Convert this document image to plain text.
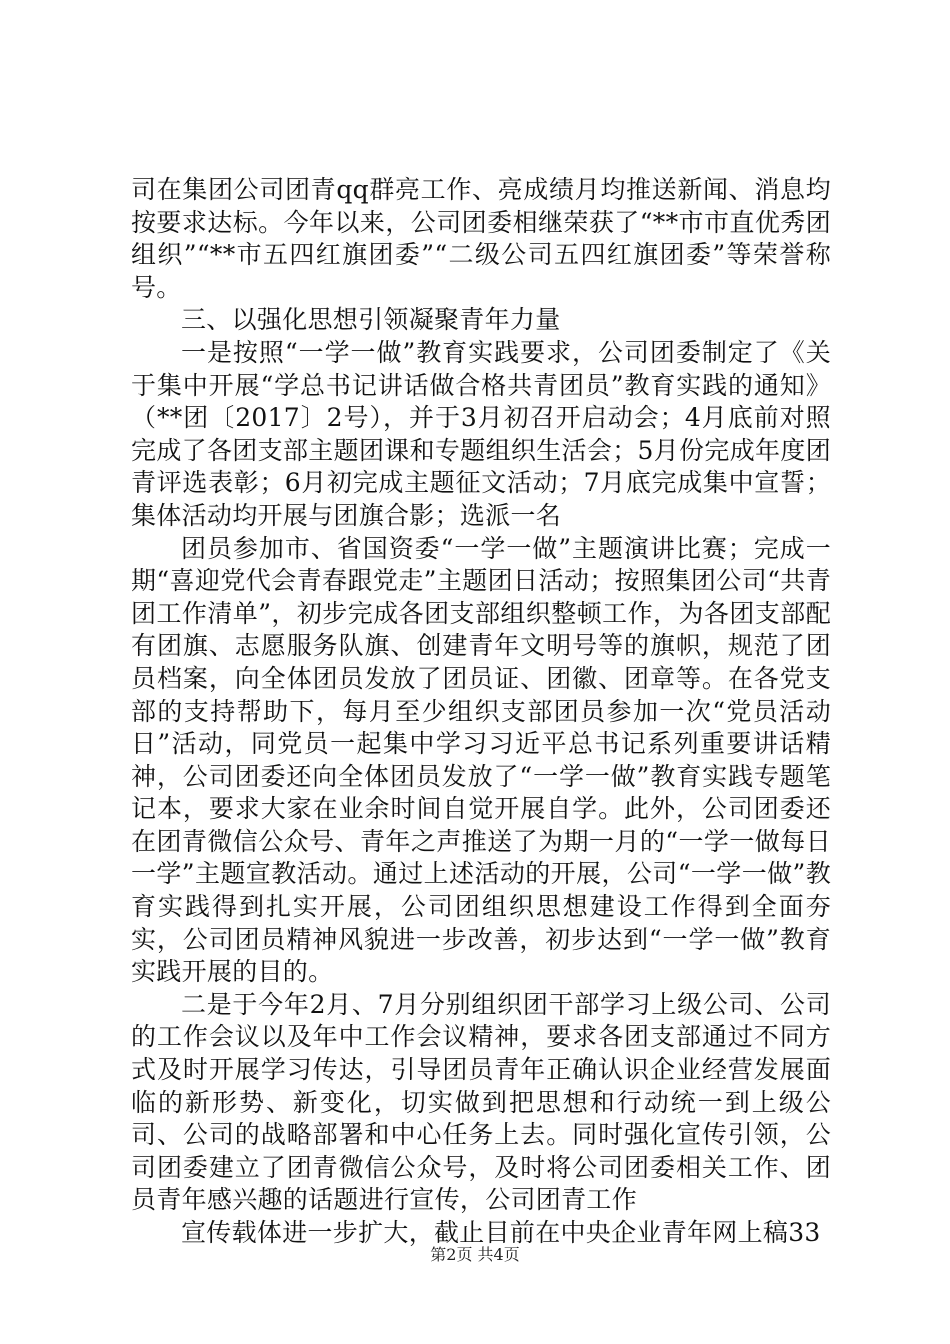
司在集团公司团青qq群亮工作、亮成绩月均推送新闻、消息均按要求达标。今年以来，公司团委相继荣获了“**市市直优秀团组织”“**市五四红旗团委”“二级公司五四红旗团委”等荣誉称号。

三、以强化思想引领凝聚青年力量

一是按照“一学一做”教育实践要求，公司团委制定了《关于集中开展“学总书记讲话做合格共青团员”教育实践的通知》（**团〔2017〕2号），并于3月初召开启动会；4月底前对照完成了各团支部主题团课和专题组织生活会；5月份完成年度团青评选表彰；6月初完成主题征文活动；7月底完成集中宣誓；集体活动均开展与团旗合影；选派一名

团员参加市、省国资委“一学一做”主题演讲比赛；完成一期“喜迎党代会青春跟党走”主题团日活动；按照集团公司“共青团工作清单”，初步完成各团支部组织整顿工作，为各团支部配有团旗、志愿服务队旗、创建青年文明号等的旗帜，规范了团员档案，向全体团员发放了团员证、团徽、团章等。在各党支部的支持帮助下，每月至少组织支部团员参加一次“党员活动日”活动，同党员一起集中学习习近平总书记系列重要讲话精神，公司团委还向全体团员发放了“一学一做”教育实践专题笔记本，要求大家在业余时间自觉开展自学。此外，公司团委还在团青微信公众号、青年之声推送了为期一月的“一学一做每日一学”主题宣教活动。通过上述活动的开展，公司“一学一做”教育实践得到扎实开展，公司团组织思想建设工作得到全面夯实，公司团员精神风貌进一步改善，初步达到“一学一做”教育实践开展的目的。

二是于今年2月、7月分别组织团干部学习上级公司、公司的工作会议以及年中工作会议精神，要求各团支部通过不同方式及时开展学习传达，引导团员青年正确认识企业经营发展面临的新形势、新变化，切实做到把思想和行动统一到上级公司、公司的战略部署和中心任务上去。同时强化宣传引领，公司团委建立了团青微信公众号，及时将公司团委相关工作、团员青年感兴趣的话题进行宣传，公司团青工作

宣传载体进一步扩大，截止目前在中央企业青年网上稿33

第2页 共4页
